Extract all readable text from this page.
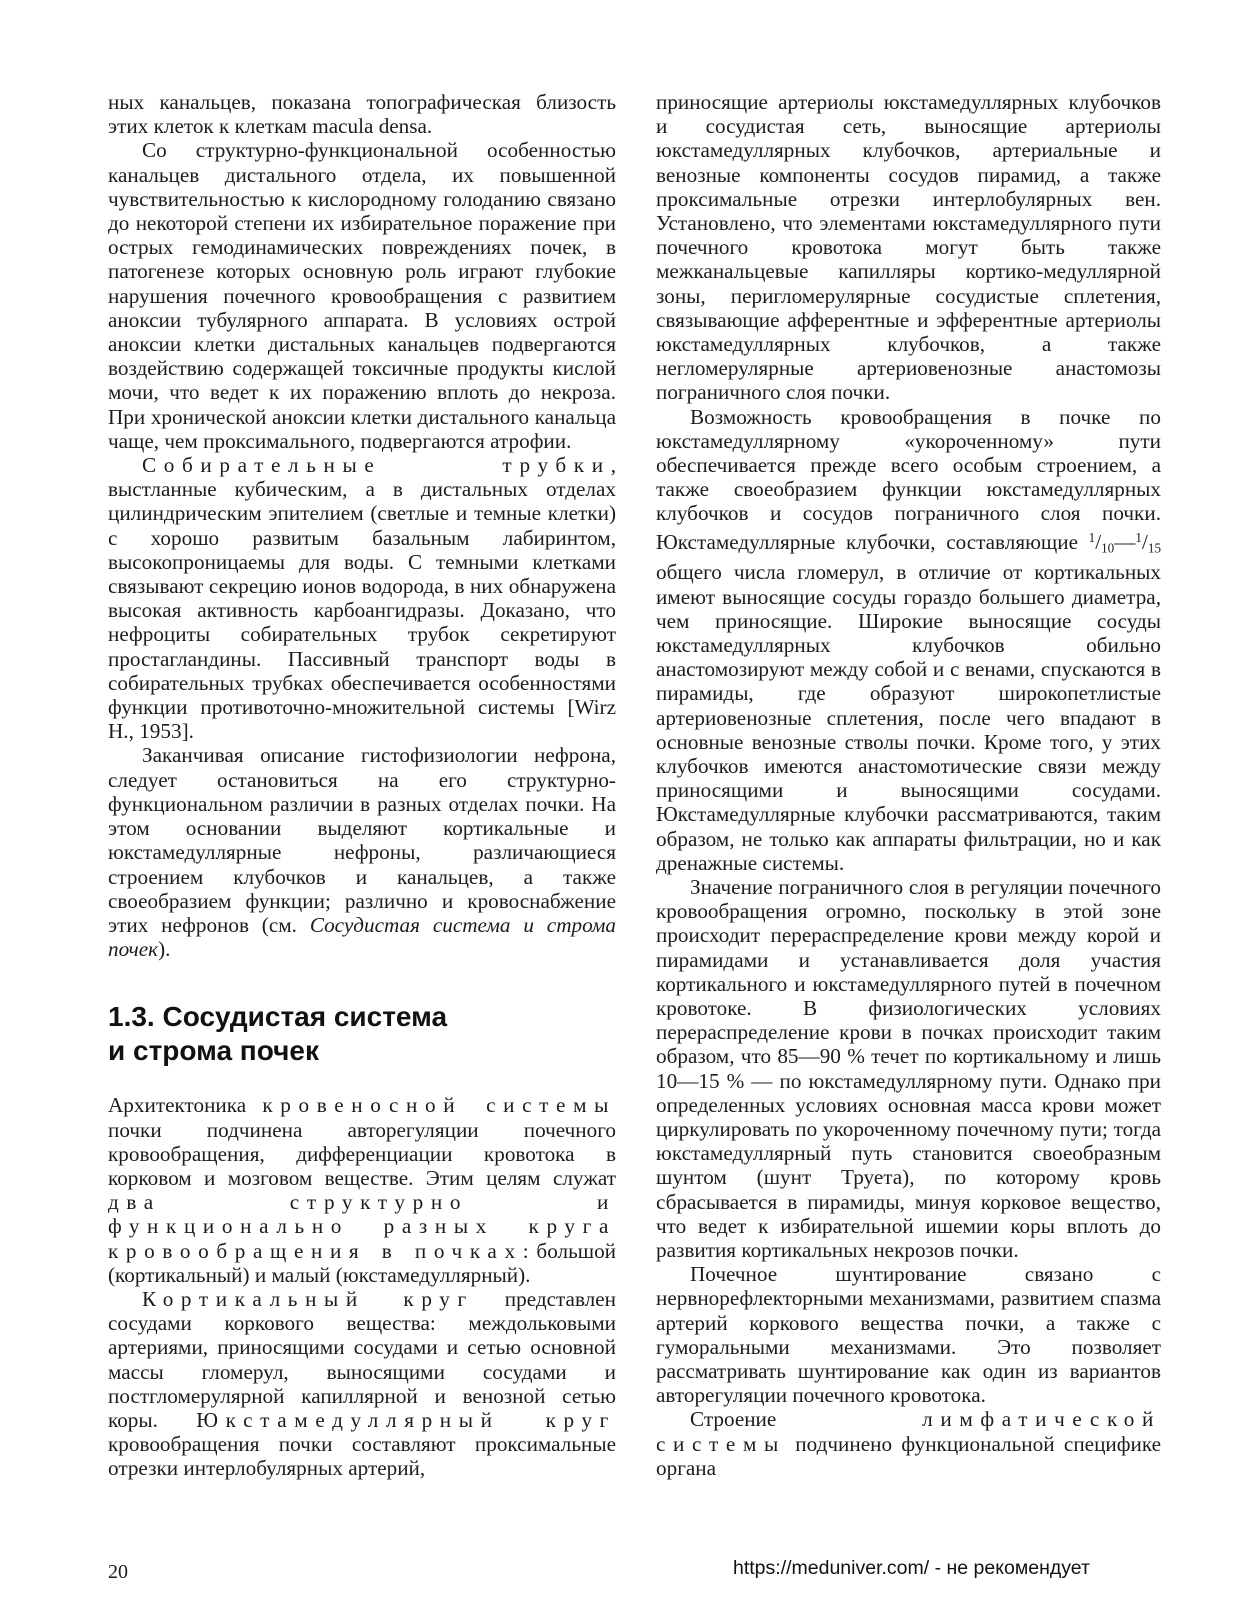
ных канальцев, показана топографическая близость этих клеток к клеткам macula densa.

Со структурно-функциональной особенностью канальцев дистального отдела, их повышенной чувствительностью к кислородному голоданию связано до некоторой степени их избирательное поражение при острых гемодинамических повреждениях почек, в патогенезе которых основную роль играют глубокие нарушения почечного кровообращения с развитием аноксии тубулярного аппарата. В условиях острой аноксии клетки дистальных канальцев подвергаются воздействию содержащей токсичные продукты кислой мочи, что ведет к их поражению вплоть до некроза. При хронической аноксии клетки дистального канальца чаще, чем проксимального, подвергаются атрофии.

Собирательные трубки, выстланные кубическим, а в дистальных отделах цилиндрическим эпителием (светлые и темные клетки) с хорошо развитым базальным лабиринтом, высокопроницаемы для воды. С темными клетками связывают секрецию ионов водорода, в них обнаружена высокая активность карбоангидразы. Доказано, что нефроциты собирательных трубок секретируют простагландины. Пассивный транспорт воды в собирательных трубках обеспечивается особенностями функции противоточно-множительной системы [Wirz H., 1953].

Заканчивая описание гистофизиологии нефрона, следует остановиться на его структурно-функциональном различии в разных отделах почки. На этом основании выделяют кортикальные и юкстамедуллярные нефроны, различающиеся строением клубочков и канальцев, а также своеобразием функции; различно и кровоснабжение этих нефронов (см. Сосудистая система и строма почек).

1.3. Сосудистая система
и строма почек

Архитектоника кровеносной системы почки подчинена авторегуляции почечного кровообращения, дифференциации кровотока в корковом и мозговом веществе. Этим целям служат два структурно и функционально разных круга кровообращения в почках: большой (кортикальный) и малый (юкстамедуллярный).

Кортикальный круг представлен сосудами коркового вещества: междольковыми артериями, приносящими сосудами и сетью основной массы гломерул, выносящими сосудами и постгломерулярной капиллярной и венозной сетью коры. Юкстамедуллярный круг кровообращения почки составляют проксимальные отрезки интерлобулярных артерий,

приносящие артериолы юкстамедуллярных клубочков и сосудистая сеть, выносящие артериолы юкстамедуллярных клубочков, артериальные и венозные компоненты сосудов пирамид, а также проксимальные отрезки интерлобулярных вен. Установлено, что элементами юкстамедуллярного пути почечного кровотока могут быть также межканальцевые капилляры кортико-медуллярной зоны, перигломерулярные сосудистые сплетения, связывающие афферентные и эфферентные артериолы юкстамедуллярных клубочков, а также негломерулярные артериовенозные анастомозы пограничного слоя почки.

Возможность кровообращения в почке по юкстамедуллярному «укороченному» пути обеспечивается прежде всего особым строением, а также своеобразием функции юкстамедуллярных клубочков и сосудов пограничного слоя почки. Юкстамедуллярные клубочки, составляющие $^1/_{10}—^1/_{15}$ общего числа гломерул, в отличие от кортикальных имеют выносящие сосуды гораздо большего диаметра, чем приносящие. Широкие выносящие сосуды юкстамедуллярных клубочков обильно анастомозируют между собой и с венами, спускаются в пирамиды, где образуют широкопетлистые артериовенозные сплетения, после чего впадают в основные венозные стволы почки. Кроме того, у этих клубочков имеются анастомотические связи между приносящими и выносящими сосудами. Юкстамедуллярные клубочки рассматриваются, таким образом, не только как аппараты фильтрации, но и как дренажные системы.

Значение пограничного слоя в регуляции почечного кровообращения огромно, поскольку в этой зоне происходит перераспределение крови между корой и пирамидами и устанавливается доля участия кортикального и юкстамедуллярного путей в почечном кровотоке. В физиологических условиях перераспределение крови в почках происходит таким образом, что 85—90 % течет по кортикальному и лишь 10—15 % — по юкстамедуллярному пути. Однако при определенных условиях основная масса крови может циркулировать по укороченному почечному пути; тогда юкстамедуллярный путь становится своеобразным шунтом (шунт Труета), по которому кровь сбрасывается в пирамиды, минуя корковое вещество, что ведет к избирательной ишемии коры вплоть до развития кортикальных некрозов почки.

Почечное шунтирование связано с нервнорефлекторными механизмами, развитием спазма артерий коркового вещества почки, а также с гуморальными механизмами. Это позволяет рассматривать шунтирование как один из вариантов авторегуляции почечного кровотока.

Строение лимфатической системы подчинено функциональной специфике органа

20	https://meduniver.com/ - не рекомендует
